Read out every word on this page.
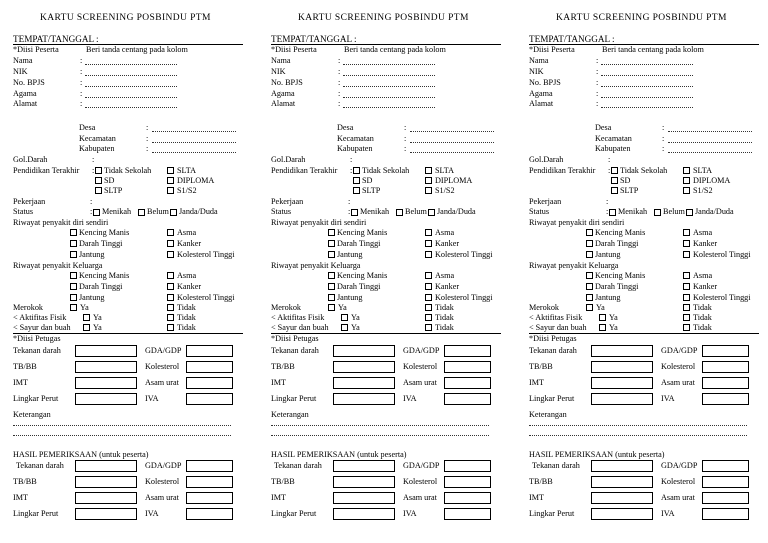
KARTU SCREENING POSBINDU PTM
TEMPAT/TANGGAL :
*Diisi Peserta	Beri tanda centang pada kolom
Nama	:
NIK	:
No. BPJS	:
Agama	:
Alamat	:
Desa	:
Kecamatan	:
Kabupaten	:
Gol.Darah	:
Pendidikan Terakhir : Tidak Sekolah	SLTA
SD	DIPLOMA
SLTP	S1/S2
Pekerjaan	:
Status	: Menikah Belum Janda/Duda
Riwayat penyakit diri sendiri
Kencing Manis	Asma
Darah Tinggi	Kanker
Jantung	Kolesterol Tinggi
Riwayat penyakit Keluarga
Kencing Manis	Asma
Darah Tinggi	Kanker
Jantung	Kolesterol Tinggi
Merokok	Ya	Tidak
< Aktifitas Fisik	Ya	Tidak
< Sayur dan buah	Ya	Tidak
*Diisi Petugas
Tekanan darah	GDA/GDP
TB/BB	Kolesterol
IMT	Asam urat
Lingkar Perut	IVA
Keterangan
HASIL PEMERIKSAAN (untuk peserta)
Tekanan darah	GDA/GDP
TB/BB	Kolesterol
IMT	Asam urat
Lingkar Perut	IVA
KARTU SCREENING POSBINDU PTM
TEMPAT/TANGGAL :
*Diisi Peserta	Beri tanda centang pada kolom
Nama	:
NIK	:
No. BPJS	:
Agama	:
Alamat	:
Desa	:
Kecamatan	:
Kabupaten	:
Gol.Darah	:
Pendidikan Terakhir : Tidak Sekolah	SLTA
SD	DIPLOMA
SLTP	S1/S2
Pekerjaan	:
Status	: Menikah Belum Janda/Duda
Riwayat penyakit diri sendiri
Kencing Manis	Asma
Darah Tinggi	Kanker
Jantung	Kolesterol Tinggi
Riwayat penyakit Keluarga
Kencing Manis	Asma
Darah Tinggi	Kanker
Jantung	Kolesterol Tinggi
Merokok	Ya	Tidak
< Aktifitas Fisik	Ya	Tidak
< Sayur dan buah	Ya	Tidak
*Diisi Petugas
Tekanan darah	GDA/GDP
TB/BB	Kolesterol
IMT	Asam urat
Lingkar Perut	IVA
Keterangan
HASIL PEMERIKSAAN (untuk peserta)
Tekanan darah	GDA/GDP
TB/BB	Kolesterol
IMT	Asam urat
Lingkar Perut	IVA
KARTU SCREENING POSBINDU PTM
TEMPAT/TANGGAL :
*Diisi Peserta	Beri tanda centang pada kolom
Nama	:
NIK	:
No. BPJS	:
Agama	:
Alamat	:
Desa	:
Kecamatan	:
Kabupaten	:
Gol.Darah	:
Pendidikan Terakhir : Tidak Sekolah	SLTA
SD	DIPLOMA
SLTP	S1/S2
Pekerjaan	:
Status	: Menikah Belum Janda/Duda
Riwayat penyakit diri sendiri
Kencing Manis	Asma
Darah Tinggi	Kanker
Jantung	Kolesterol Tinggi
Riwayat penyakit Keluarga
Kencing Manis	Asma
Darah Tinggi	Kanker
Jantung	Kolesterol Tinggi
Merokok	Ya	Tidak
< Aktifitas Fisik	Ya	Tidak
< Sayur dan buah	Ya	Tidak
*Diisi Petugas
Tekanan darah	GDA/GDP
TB/BB	Kolesterol
IMT	Asam urat
Lingkar Perut	IVA
Keterangan
HASIL PEMERIKSAAN (untuk peserta)
Tekanan darah	GDA/GDP
TB/BB	Kolesterol
IMT	Asam urat
Lingkar Perut	IVA
